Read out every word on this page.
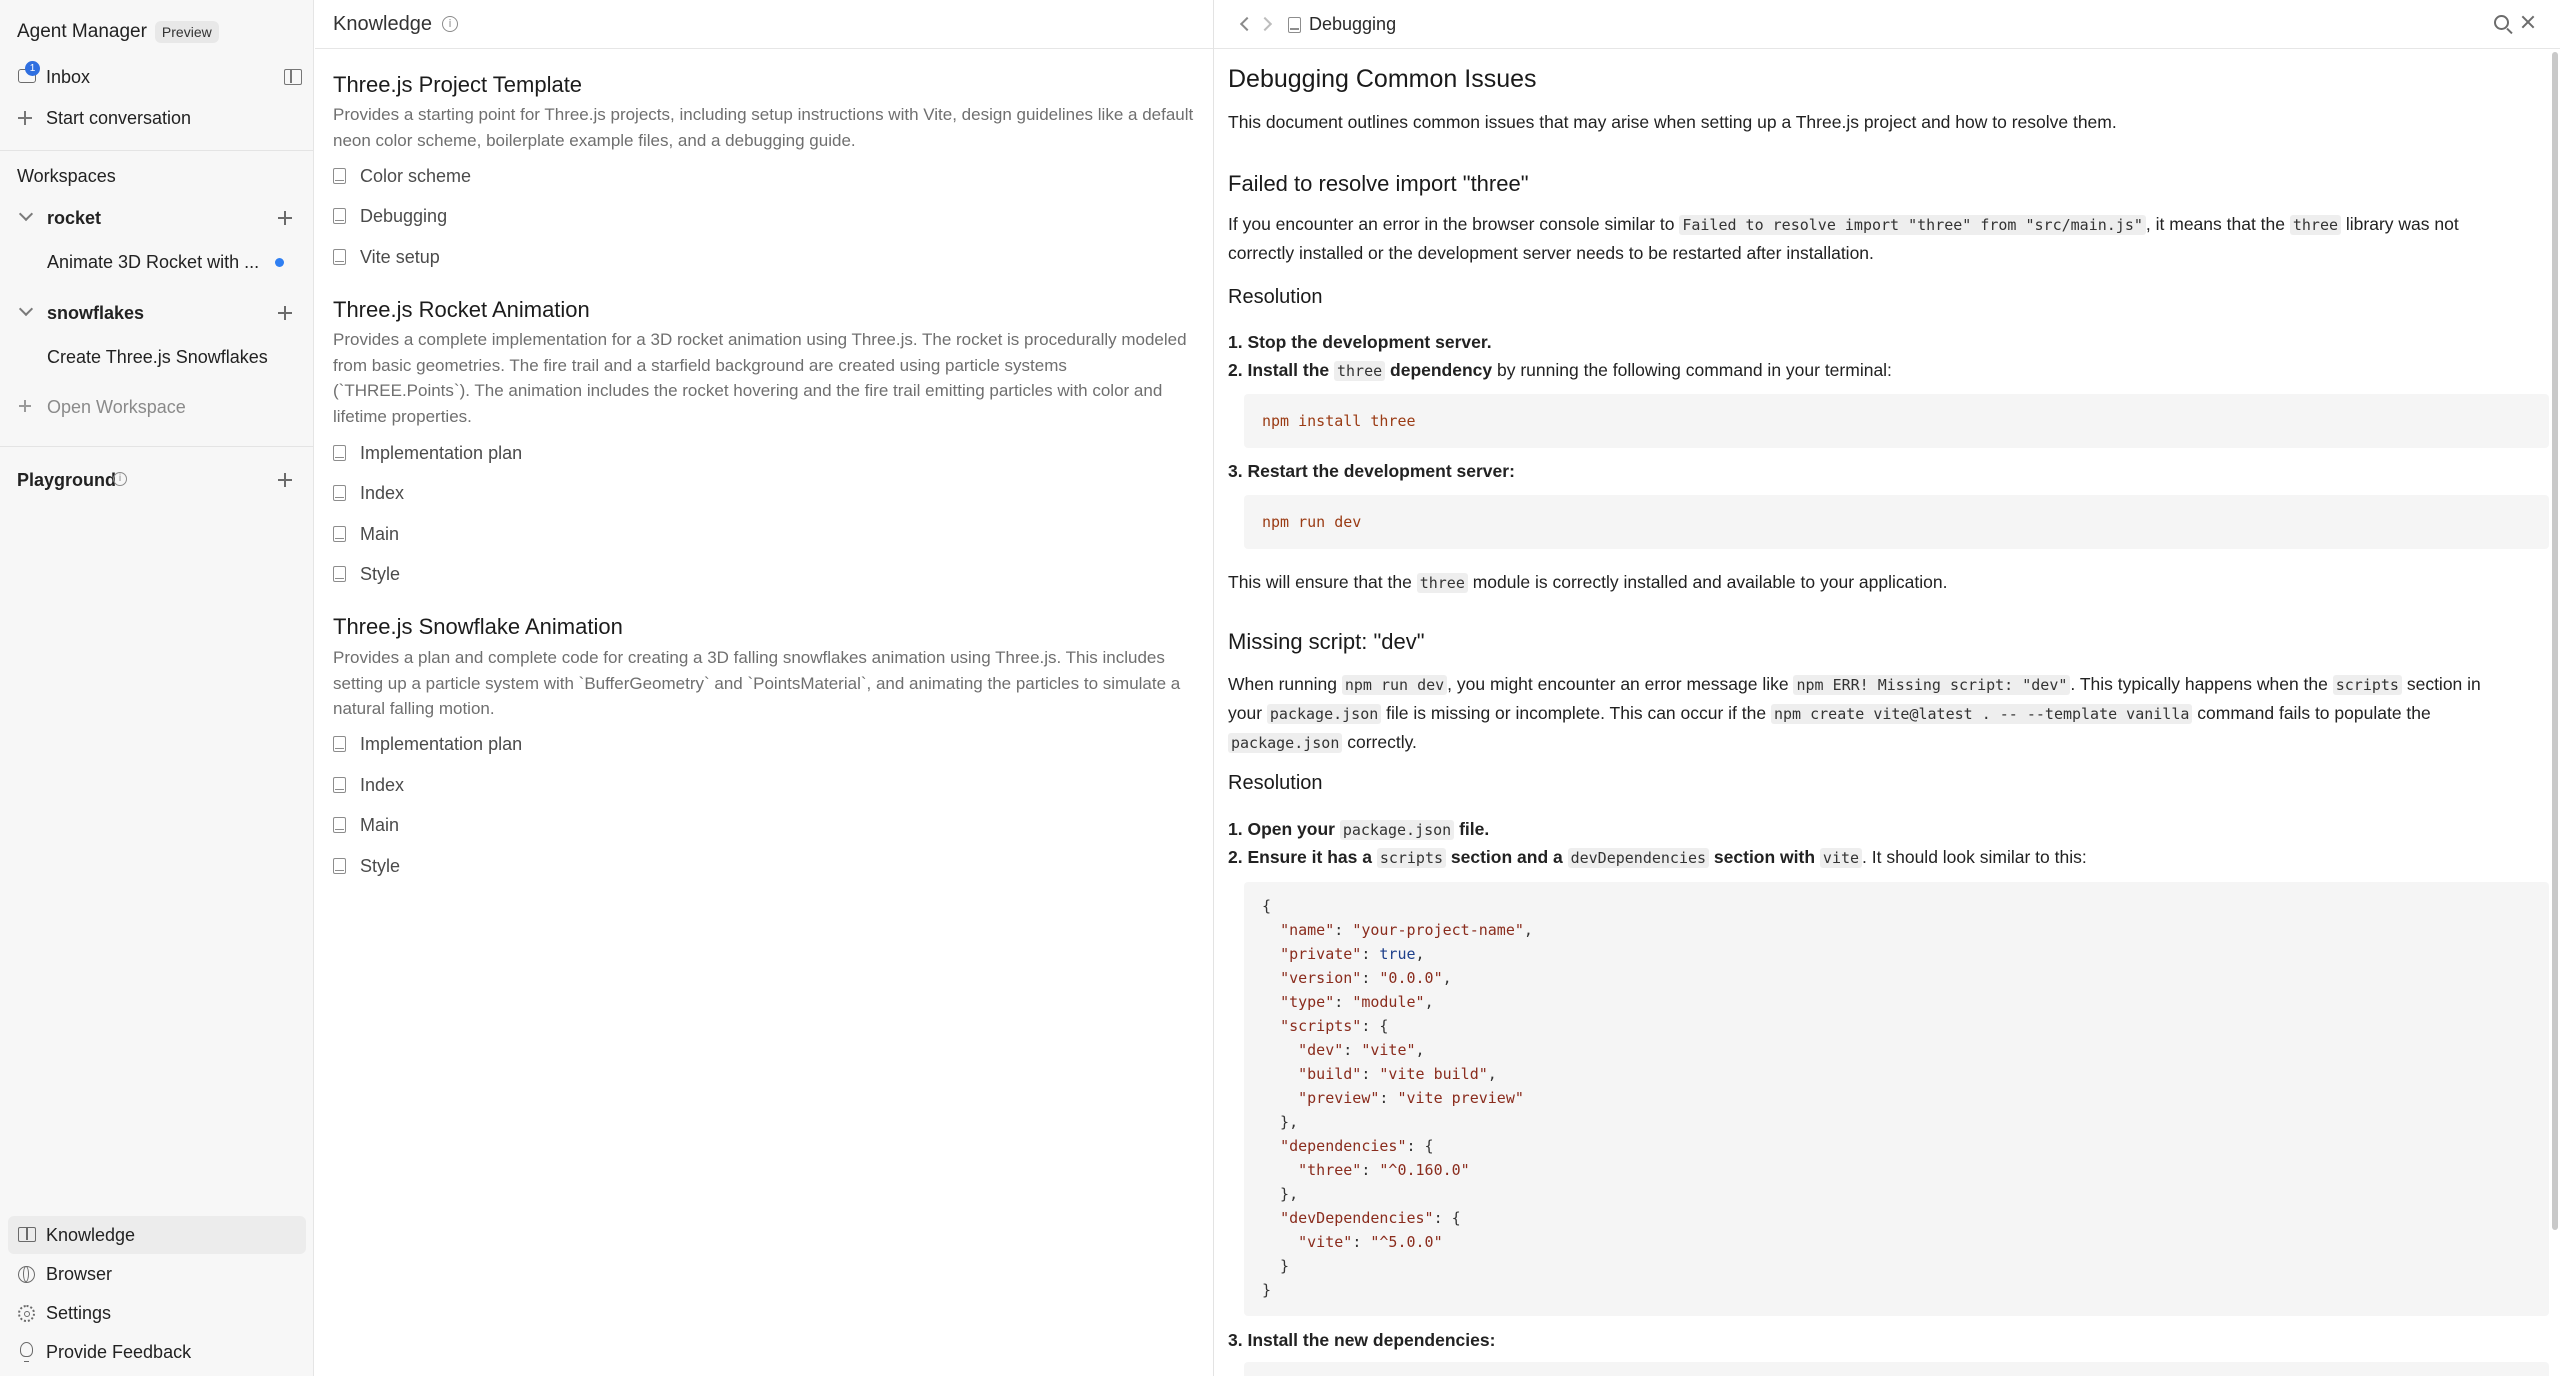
Agent Manager	Preview
1 Inbox
Start conversation
Workspaces
rocket
Animate 3D Rocket with ...
snowflakes
Create Three.js Snowflakes
Open Workspace
Playground i
Knowledge
Browser
Settings
Provide Feedback
Knowledge	i
Three.js Project Template
Provides a starting point for Three.js projects, including setup instructions with Vite, design guidelines like a default neon color scheme, boilerplate example files, and a debugging guide.
Color scheme
Debugging
Vite setup
Three.js Rocket Animation
Provides a complete implementation for a 3D rocket animation using Three.js. The rocket is procedurally modeled from basic geometries. The fire trail and a starfield background are created using particle systems (`THREE.Points`). The animation includes the rocket hovering and the fire trail emitting particles with color and lifetime properties.
Implementation plan
Index
Main
Style
Three.js Snowflake Animation
Provides a plan and complete code for creating a 3D falling snowflakes animation using Three.js. This includes setting up a particle system with `BufferGeometry` and `PointsMaterial`, and animating the particles to simulate a natural falling motion.
Implementation plan
Index
Main
Style
Debugging
Debugging Common Issues
This document outlines common issues that may arise when setting up a Three.js project and how to resolve them.
Failed to resolve import "three"
If you encounter an error in the browser console similar to Failed to resolve import "three" from "src/main.js" , it means that the three library was not correctly installed or the development server needs to be restarted after installation.
Resolution
1. Stop the development server.
2. Install the three dependency by running the following command in your terminal:
npm install three
3. Restart the development server:
npm run dev
This will ensure that the three module is correctly installed and available to your application.
Missing script: "dev"
When running npm run dev , you might encounter an error message like npm ERR! Missing script: "dev" . This typically happens when the scripts section in your package.json file is missing or incomplete. This can occur if the npm create vite@latest . -- --template vanilla command fails to populate the package.json correctly.
Resolution
1. Open your package.json file.
2. Ensure it has a scripts section and a devDependencies section with vite . It should look similar to this:
{
"name": "your-project-name",
"private": true,
"version": "0.0.0",
"type": "module",
"scripts": {
"dev": "vite",
"build": "vite build",
"preview": "vite preview"
},
"dependencies": {
"three": "^0.160.0"
},
"devDependencies": {
"vite": "^5.0.0"
}
}
3. Install the new dependencies:
